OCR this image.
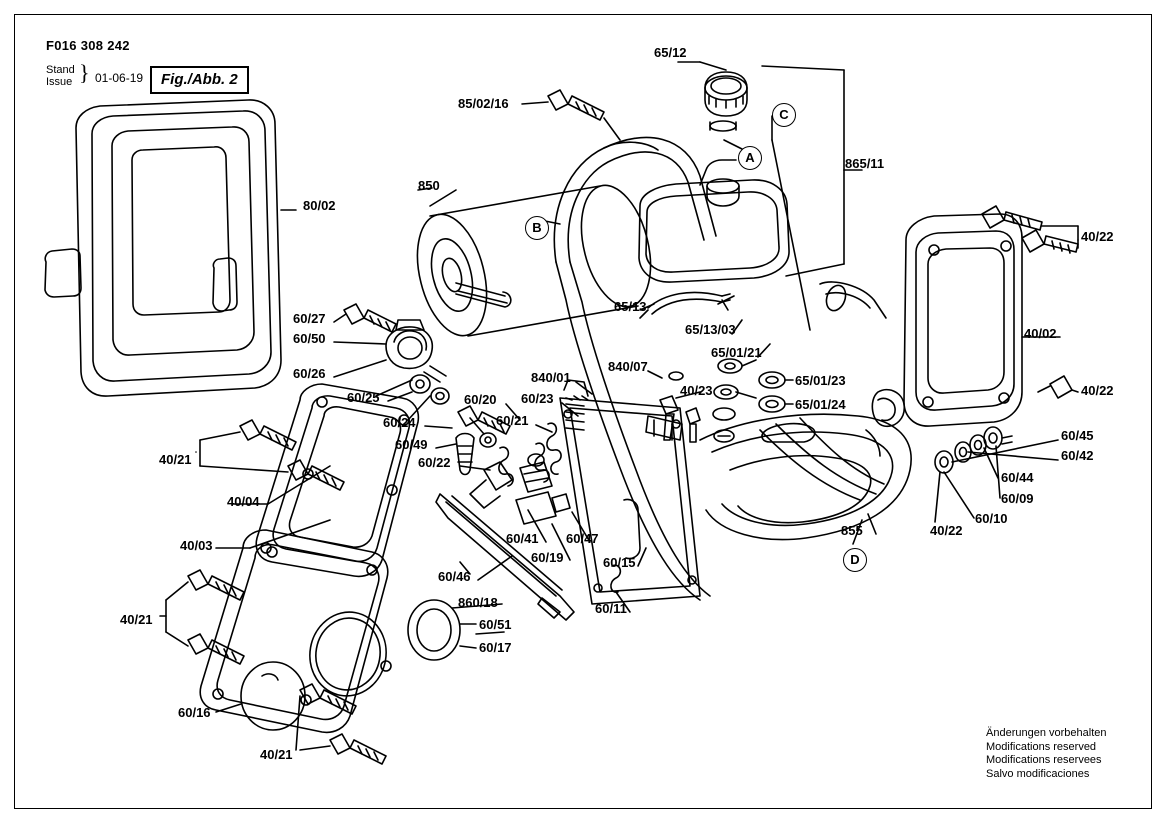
F016 308 242
Stand
Issue } 01-06-19	Fig./Abb. 2
80/02
85/02/16
850
65/12
865/11
65/13
65/13/03
65/01/21
840/07
840/01
40/23
65/01/23
65/01/24
60/23
60/21
60/20
60/27
60/50
60/26
60/25
60/24
60/49
60/22
40/21
40/04
40/03
40/21
60/46
860/18
60/51
60/17
60/16
40/21
60/41
60/19
60/47
60/15
60/11
855
40/22
40/02
40/22
60/45
60/42
60/44
60/09
60/10
40/22
A
B
C
D
Änderungen vorbehalten
Modifications reserved
Modifications reservees
Salvo modificaciones
